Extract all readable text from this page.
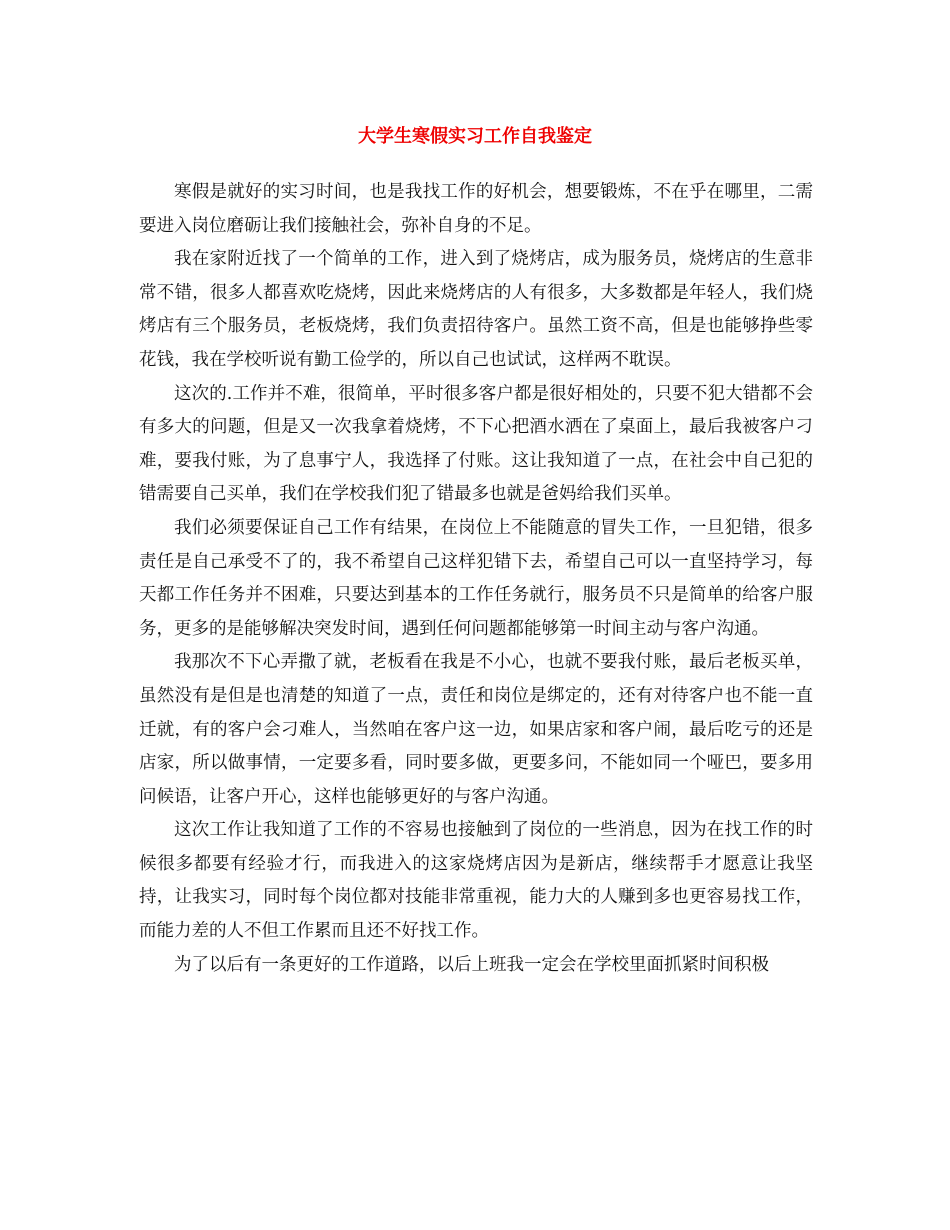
大学生寒假实习工作自我鉴定

寒假是就好的实习时间，也是我找工作的好机会，想要锻炼，不在乎在哪里，二需要进入岗位磨砺让我们接触社会，弥补自身的不足。

我在家附近找了一个简单的工作，进入到了烧烤店，成为服务员，烧烤店的生意非常不错，很多人都喜欢吃烧烤，因此来烧烤店的人有很多，大多数都是年轻人，我们烧烤店有三个服务员，老板烧烤，我们负责招待客户。虽然工资不高，但是也能够挣些零花钱，我在学校听说有勤工俭学的，所以自己也试试，这样两不耽误。

这次的.工作并不难，很简单，平时很多客户都是很好相处的，只要不犯大错都不会有多大的问题，但是又一次我拿着烧烤，不下心把酒水洒在了桌面上，最后我被客户刁难，要我付账，为了息事宁人，我选择了付账。这让我知道了一点，在社会中自己犯的错需要自己买单，我们在学校我们犯了错最多也就是爸妈给我们买单。

我们必须要保证自己工作有结果，在岗位上不能随意的冒失工作，一旦犯错，很多责任是自己承受不了的，我不希望自己这样犯错下去，希望自己可以一直坚持学习，每天都工作任务并不困难，只要达到基本的工作任务就行，服务员不只是简单的给客户服务，更多的是能够解决突发时间，遇到任何问题都能够第一时间主动与客户沟通。

我那次不下心弄撒了就，老板看在我是不小心，也就不要我付账，最后老板买单，虽然没有是但是也清楚的知道了一点，责任和岗位是绑定的，还有对待客户也不能一直迁就，有的客户会刁难人，当然咱在客户这一边，如果店家和客户闹，最后吃亏的还是店家，所以做事情，一定要多看，同时要多做，更要多问，不能如同一个哑巴，要多用问候语，让客户开心，这样也能够更好的与客户沟通。

这次工作让我知道了工作的不容易也接触到了岗位的一些消息，因为在找工作的时候很多都要有经验才行，而我进入的这家烧烤店因为是新店，继续帮手才愿意让我坚持，让我实习，同时每个岗位都对技能非常重视，能力大的人赚到多也更容易找工作，而能力差的人不但工作累而且还不好找工作。

为了以后有一条更好的工作道路，以后上班我一定会在学校里面抓紧时间积极
